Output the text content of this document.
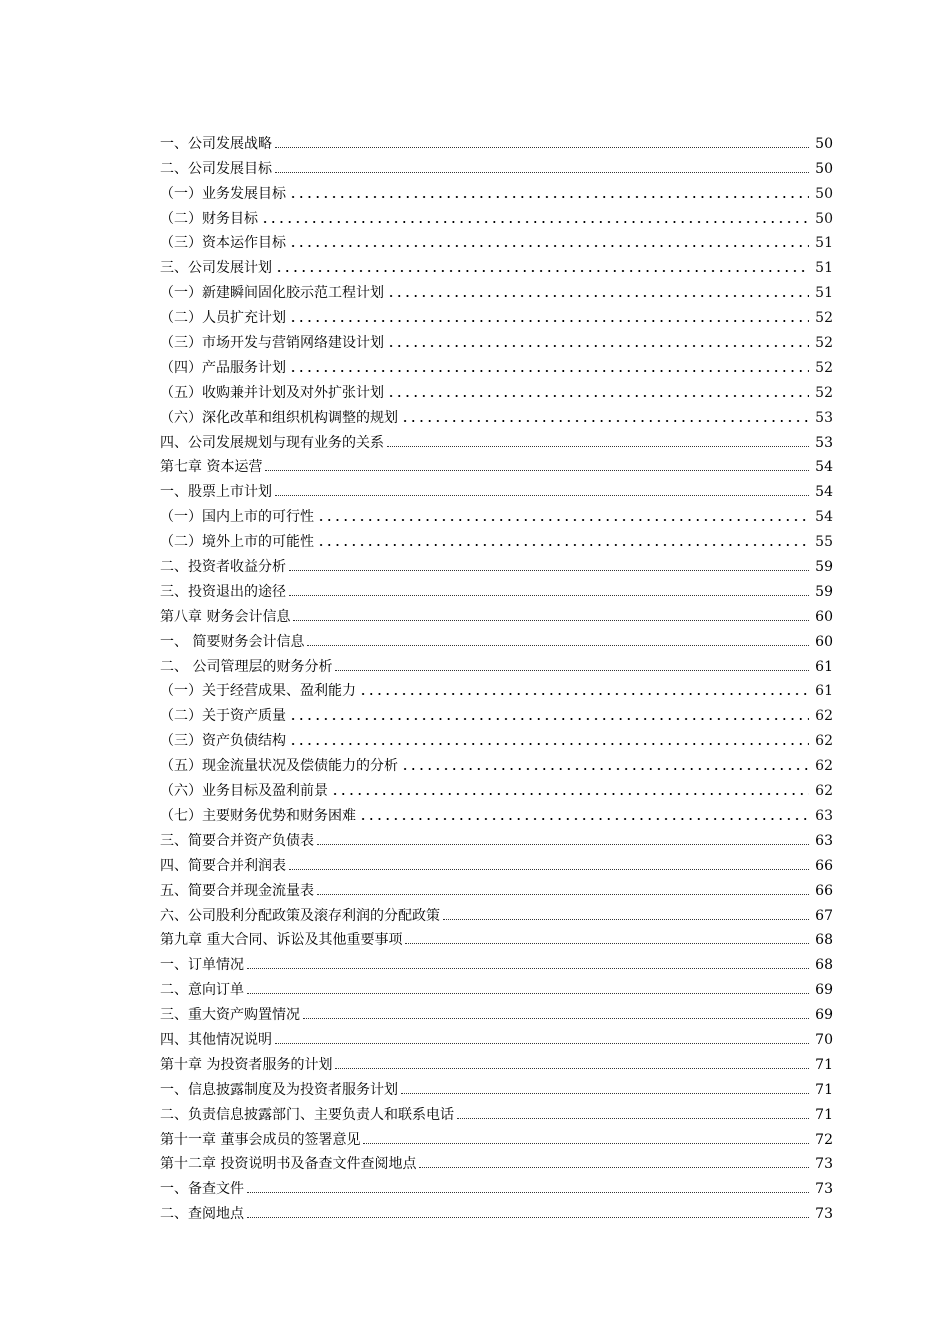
一、公司发展战略	50
二、公司发展目标	50
（一）业务发展目标	50
（二）财务目标	50
（三）资本运作目标	51
三、公司发展计划	51
（一）新建瞬间固化胶示范工程计划	51
（二）人员扩充计划	52
（三）市场开发与营销网络建设计划	52
（四）产品服务计划	52
（五）收购兼并计划及对外扩张计划	52
（六）深化改革和组织机构调整的规划	53
四、公司发展规划与现有业务的关系	53
第七章 资本运营	54
一、股票上市计划	54
（一）国内上市的可行性	54
（二）境外上市的可能性	55
二、投资者收益分析	59
三、投资退出的途径	59
第八章 财务会计信息	60
一、 简要财务会计信息	60
二、 公司管理层的财务分析	61
（一）关于经营成果、盈利能力	61
（二）关于资产质量	62
（三）资产负债结构	62
（五）现金流量状况及偿债能力的分析	62
（六）业务目标及盈利前景	62
（七）主要财务优势和财务困难	63
三、简要合并资产负债表	63
四、简要合并利润表	66
五、简要合并现金流量表	66
六、公司股利分配政策及滚存利润的分配政策	67
第九章 重大合同、诉讼及其他重要事项	68
一、订单情况	68
二、意向订单	69
三、重大资产购置情况	69
四、其他情况说明	70
第十章 为投资者服务的计划	71
一、信息披露制度及为投资者服务计划	71
二、负责信息披露部门、主要负责人和联系电话	71
第十一章 董事会成员的签署意见	72
第十二章 投资说明书及备查文件查阅地点	73
一、备查文件	73
二、查阅地点	73
